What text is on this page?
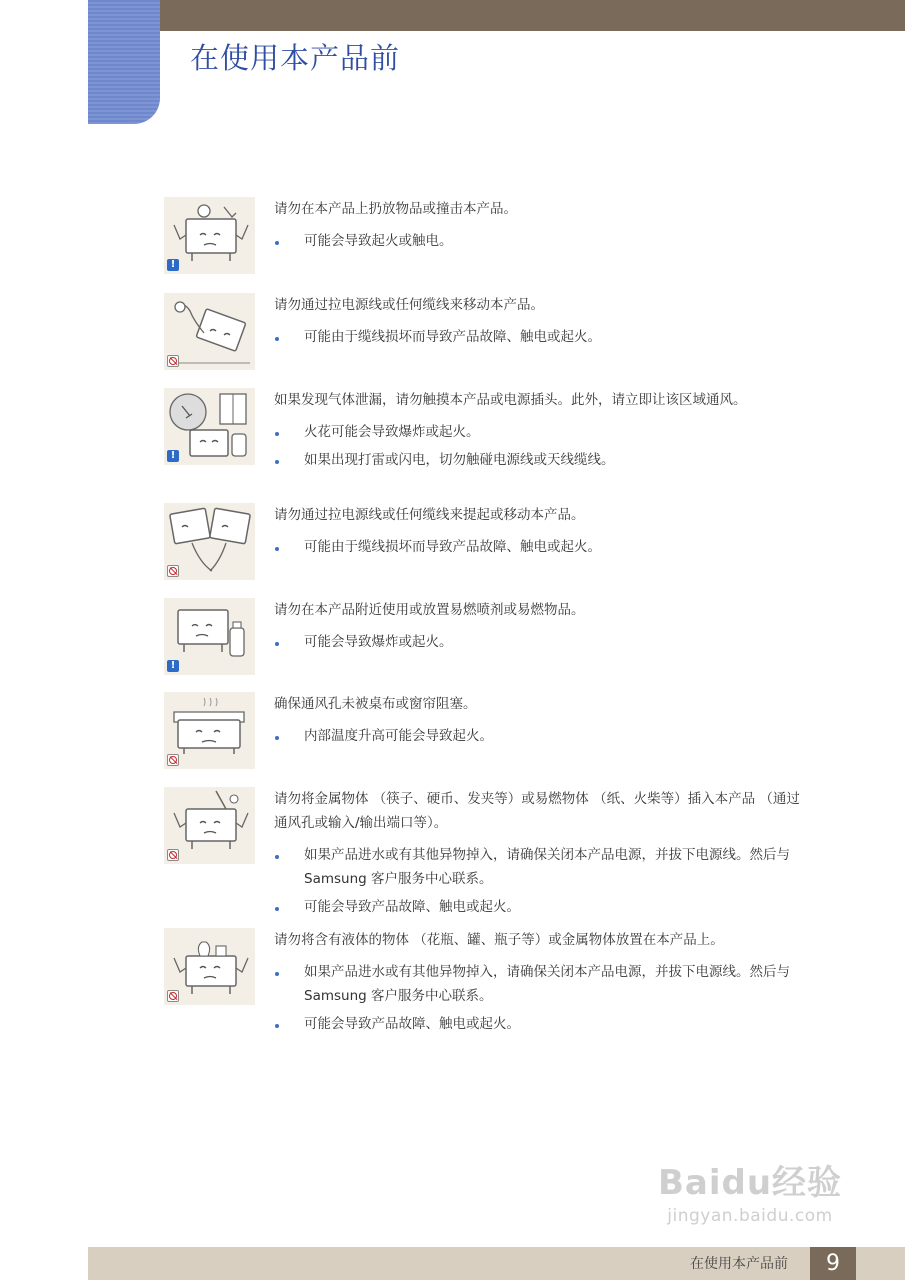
在使用本产品前
!

请勿在本产品上扔放物品或撞击本产品。

可能会导致起火或触电。

请勿通过拉电源线或任何缆线来移动本产品。

可能由于缆线损坏而导致产品故障、触电或起火。
!

如果发现气体泄漏，请勿触摸本产品或电源插头。此外，请立即让该区域通风。

火花可能会导致爆炸或起火。
如果出现打雷或闪电，切勿触碰电源线或天线缆线。

请勿通过拉电源线或任何缆线来提起或移动本产品。

可能由于缆线损坏而导致产品故障、触电或起火。
!

请勿在本产品附近使用或放置易燃喷剂或易燃物品。

可能会导致爆炸或起火。

确保通风孔未被桌布或窗帘阻塞。

内部温度升高可能会导致起火。

请勿将金属物体 （筷子、硬币、发夹等）或易燃物体 （纸、火柴等）插入本产品 （通过通风孔或输入/输出端口等）。

如果产品进水或有其他异物掉入，请确保关闭本产品电源，并拔下电源线。然后与 Samsung 客户服务中心联系。
可能会导致产品故障、触电或起火。

请勿将含有液体的物体 （花瓶、罐、瓶子等）或金属物体放置在本产品上。

如果产品进水或有其他异物掉入，请确保关闭本产品电源，并拔下电源线。然后与 Samsung 客户服务中心联系。
可能会导致产品故障、触电或起火。
Baidu经验
jingyan.baidu.com
在使用本产品前	9
